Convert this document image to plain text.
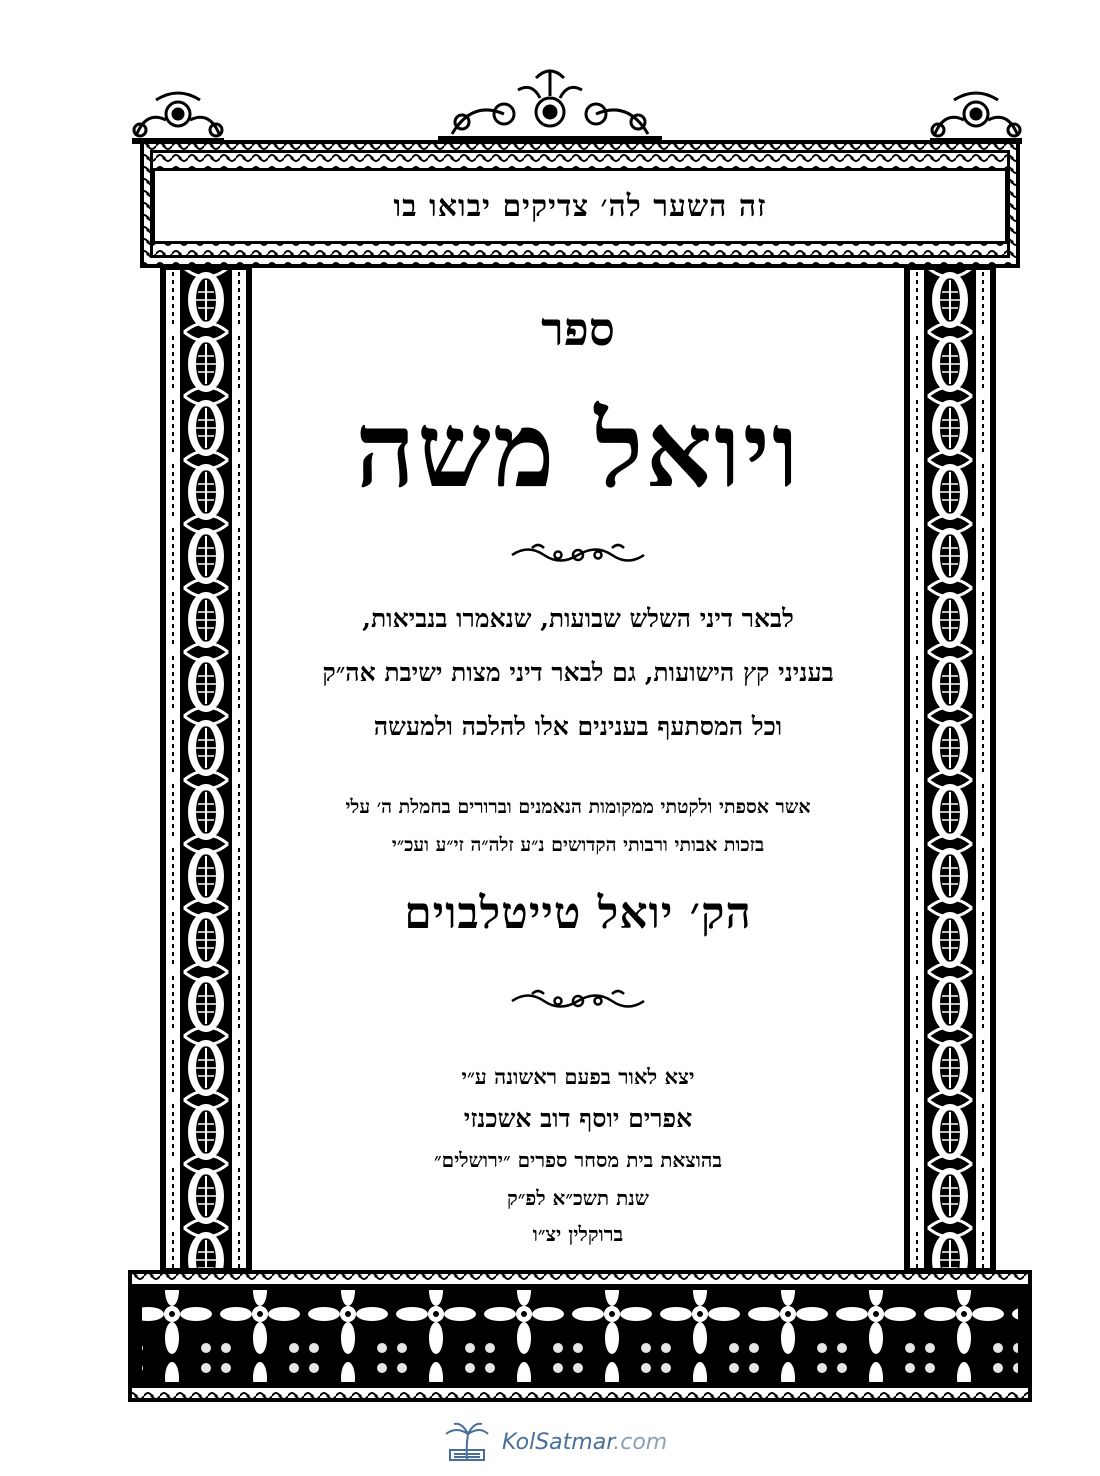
זה השער לה׳ צדיקים יבואו בו
ספר
ויואל משה
לבאר דיני השלש שבועות, שנאמרו בנביאות,
בעניני קץ הישועות, גם לבאר דיני מצות ישיבת אה״ק
וכל המסתעף בענינים אלו להלכה ולמעשה
אשר אספתי ולקטתי ממקומות הנאמנים וברורים בחמלת ה׳ עלי
בזכות אבותי ורבותי הקדושים נ״ע זלה״ה זי״ע ועכ״י
הק׳ יואל טייטלבוים
יצא לאור בפעם ראשונה ע״י
אפרים יוסף דוב אשכנזי
בהוצאת בית מסחר ספרים ״ירושלים״
שנת תשכ״א לפ״ק
ברוקלין יצ״ו
KolSatmar.com
